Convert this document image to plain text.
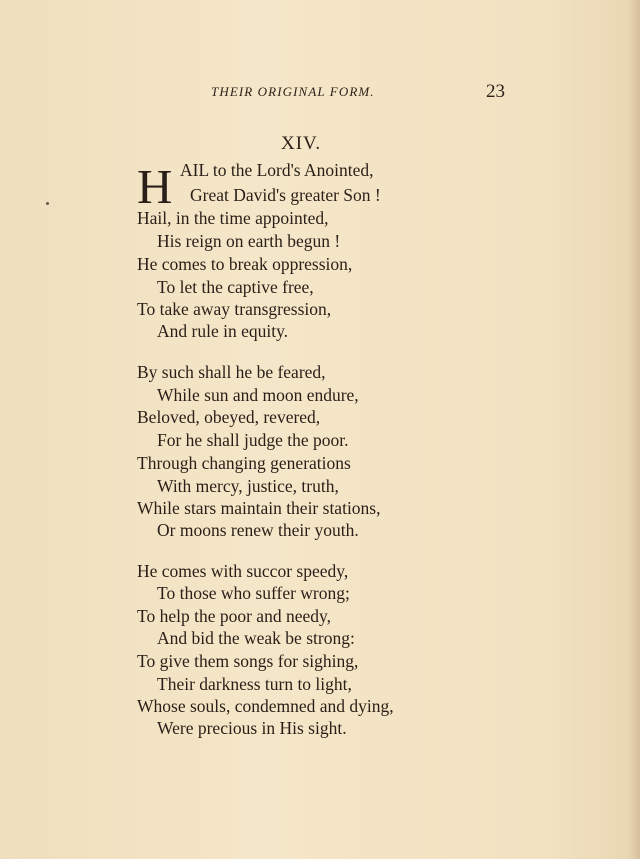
THEIR ORIGINAL FORM.	23
XIV.
H AIL to the Lord's Anointed,
Great David's greater Son !
Hail, in the time appointed,
His reign on earth begun !
He comes to break oppression,
To let the captive free,
To take away transgression,
And rule in equity.
By such shall he be feared,
While sun and moon endure,
Beloved, obeyed, revered,
For he shall judge the poor.
Through changing generations
With mercy, justice, truth,
While stars maintain their stations,
Or moons renew their youth.
He comes with succor speedy,
To those who suffer wrong;
To help the poor and needy,
And bid the weak be strong:
To give them songs for sighing,
Their darkness turn to light,
Whose souls, condemned and dying,
Were precious in His sight.
